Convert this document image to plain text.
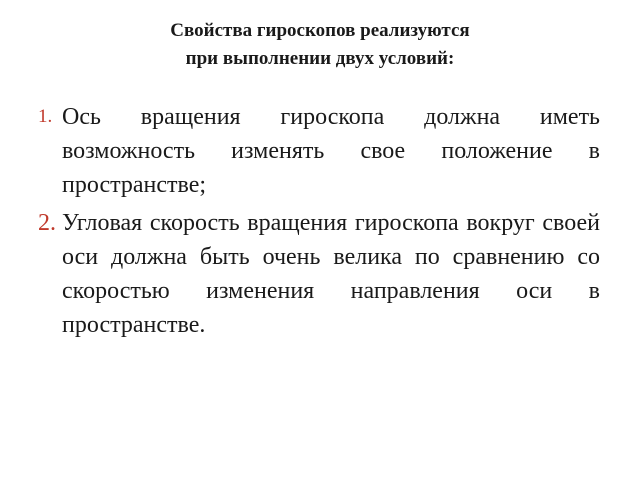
Свойства гироскопов реализуются
при выполнении двух условий:
1. Ось вращения гироскопа должна иметь возможность изменять свое положение в пространстве;
2. Угловая скорость вращения гироскопа вокруг своей оси должна быть очень велика по сравнению со скоростью изменения направления оси в пространстве.
